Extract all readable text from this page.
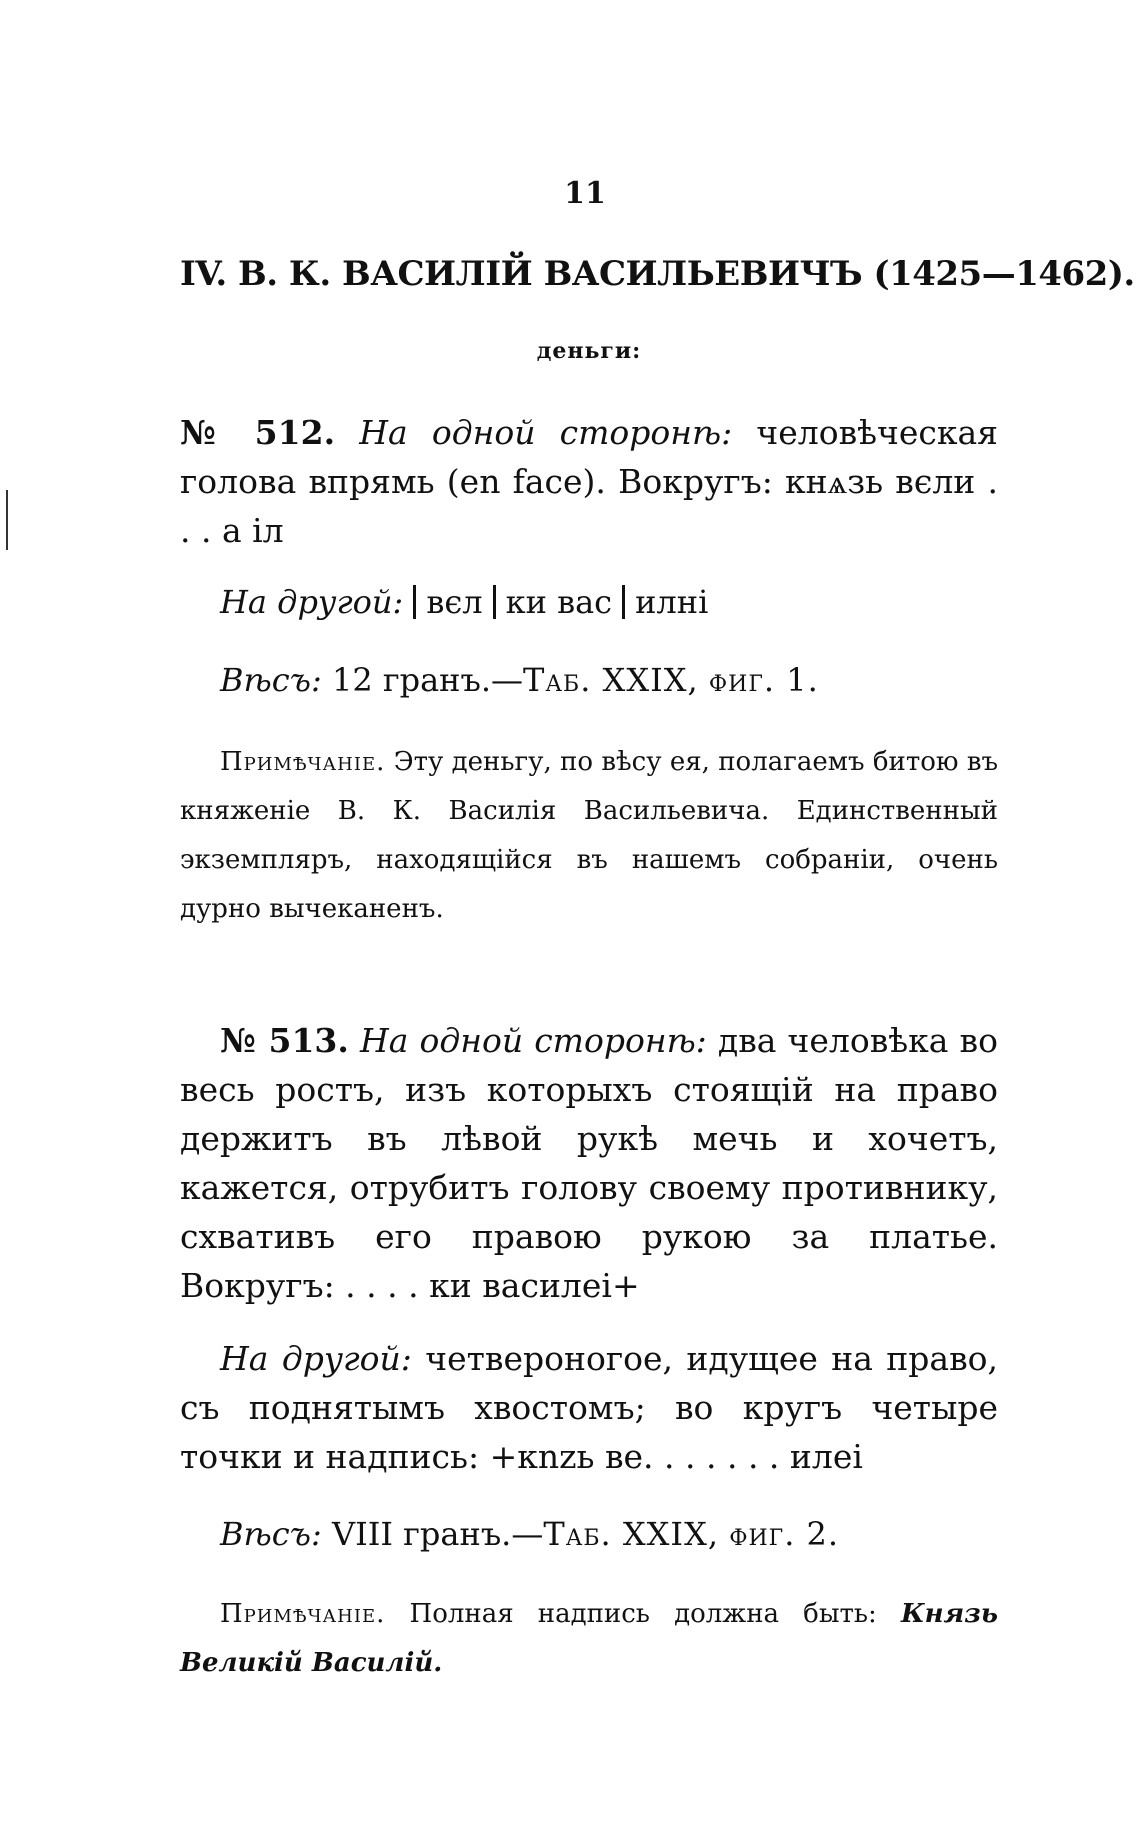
11
IV. В. К. ВАСИЛІЙ ВАСИЛЬЕВИЧЪ (1425—1462).
деньги:
№ 512. На одной сторонѣ: человѣческая голова впрямь (en face). Вокругъ: кнѧзь вєли . . . а іл
На другой: вєл ки вас илні
Вѣсъ: 12 гранъ.—Таб. XXIX, фиг. 1.
Примѣчаніе. Эту деньгу, по вѣсу ея, полагаемъ битою въ княженіе В. К. Василія Васильевича. Единственный экземпляръ, находящійся въ нашемъ собраніи, очень дурно вычеканенъ.
№ 513. На одной сторонѣ: два человѣка во весь ростъ, изъ которыхъ стоящій на право держитъ въ лѣвой рукѣ мечь и хочетъ, кажется, отрубитъ голову своему противнику, схвативъ его правою рукою за платье. Вокругъ: . . . . ки василеі+
На другой: четвероногое, идущее на право, съ поднятымъ хвостомъ; во кругъ четыре точки и надпись: +кnzь ве. . . . . . . илеі
Вѣсъ: VIII гранъ.—Таб. XXIX, фиг. 2.
Примѣчаніе. Полная надпись должна быть: Князь Великій Василій.
